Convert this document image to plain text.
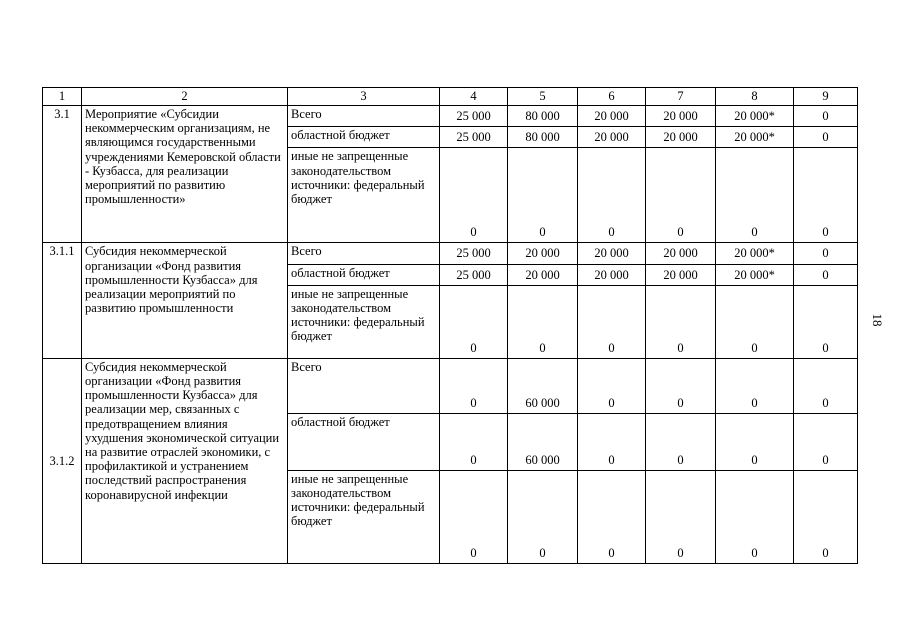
1	2	3	4	5	6	7	8	9
3.1	Мероприятие «Субсидии некоммерческим организациям, не являющимся государственными учреждениями Кемеровской области - Кузбасса, для реализации мероприятий по развитию промышленности»	Всего	25 000	80 000	20 000	20 000	20 000*	0
		областной бюджет	25 000	80 000	20 000	20 000	20 000*	0
		иные не запрещенные законодательством источники: федеральный бюджет	0	0	0	0	0	0
3.1.1	Субсидия некоммерческой организации «Фонд развития промышленности Кузбасса» для реализации мероприятий по развитию промышленности	Всего	25 000	20 000	20 000	20 000	20 000*	0
		областной бюджет	25 000	20 000	20 000	20 000	20 000*	0
		иные не запрещенные законодательством источники: федеральный бюджет	0	0	0	0	0	0
3.1.2	Субсидия некоммерческой организации «Фонд развития промышленности Кузбасса» для реализации мер, связанных с предотвращением влияния ухудшения экономической ситуации на развитие отраслей экономики, с профилактикой и устранением последствий распространения коронавирусной инфекции	Всего	0	60 000	0	0	0	0
		областной бюджет	0	60 000	0	0	0	0
		иные не запрещенные законодательством источники: федеральный бюджет	0	0	0	0	0	0
18
